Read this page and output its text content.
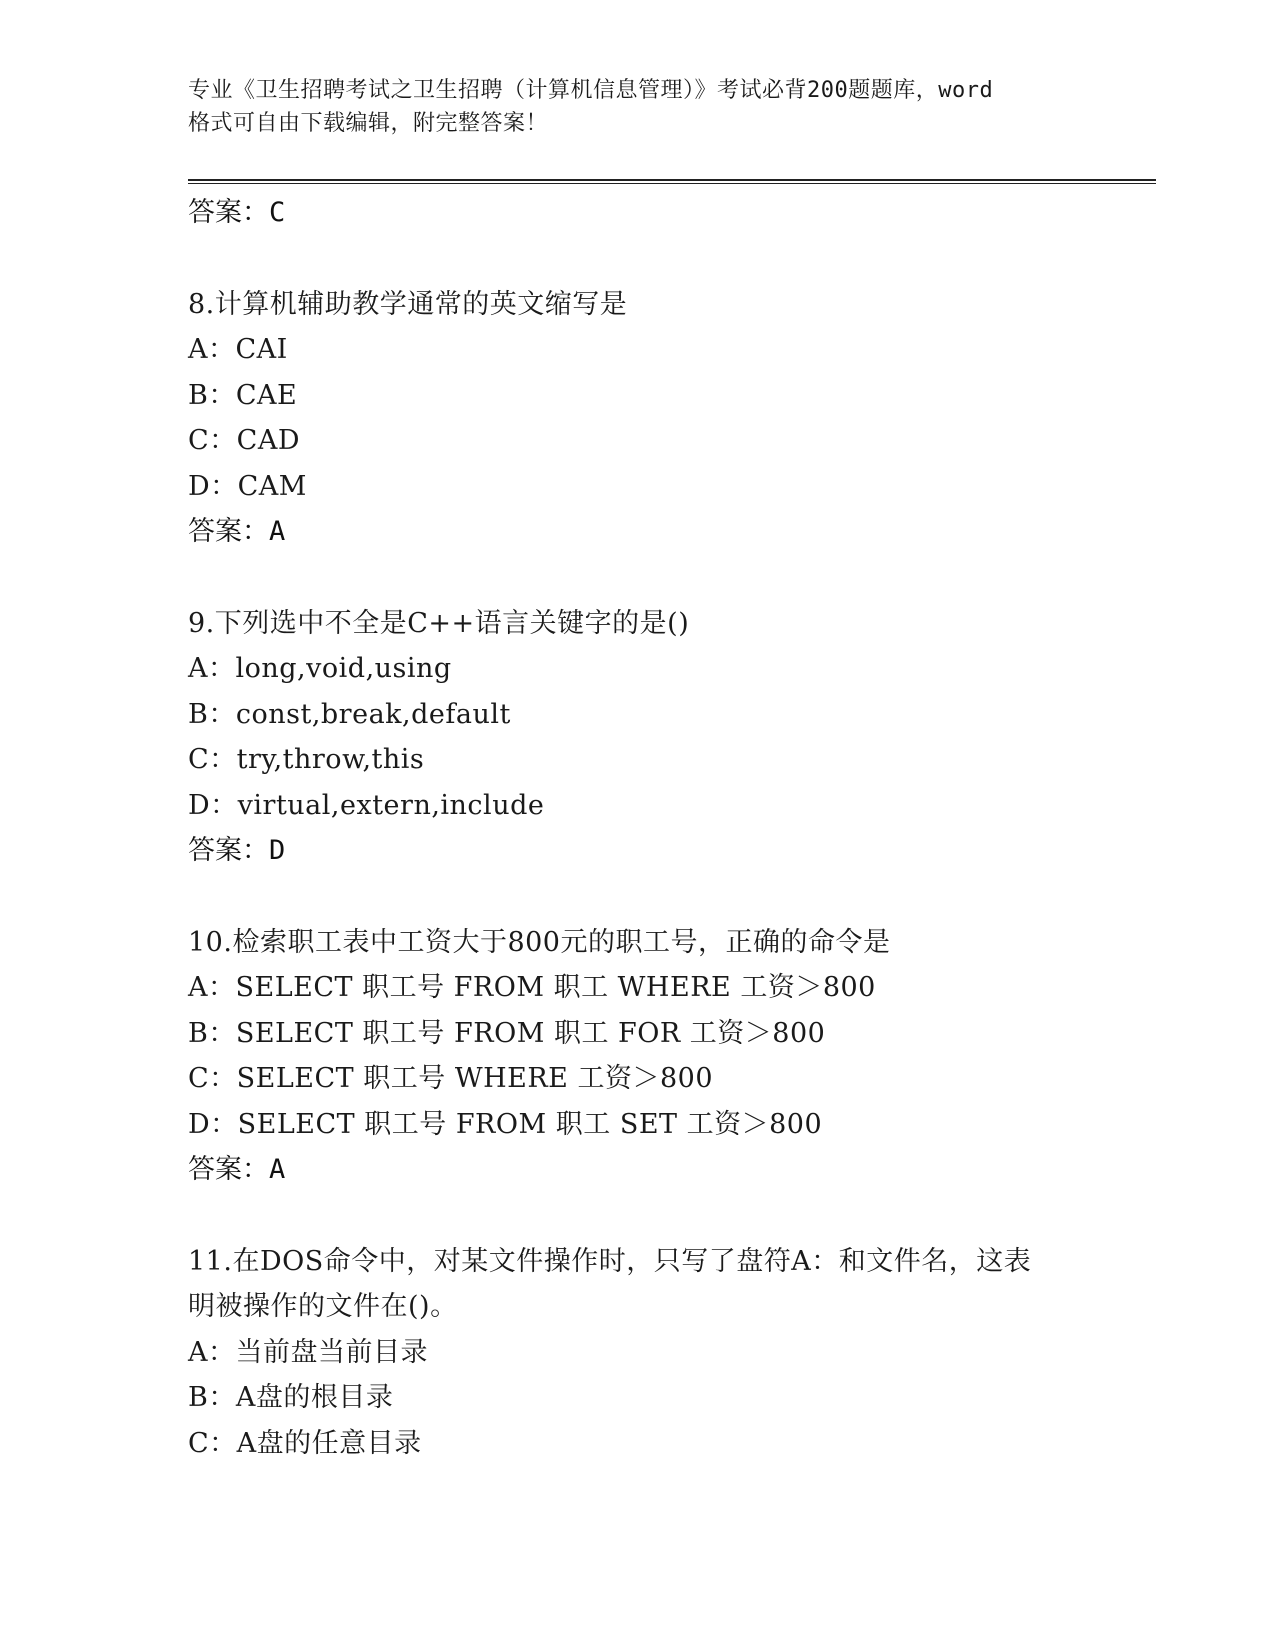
专业《卫生招聘考试之卫生招聘（计算机信息管理）》考试必背200题题库，word
格式可自由下载编辑，附完整答案！
答案：C
8.计算机辅助教学通常的英文缩写是
A：CAI
B：CAE
C：CAD
D：CAM
答案：A
9.下列选中不全是C++语言关键字的是()
A：long,void,using
B：const,break,default
C：try,throw,this
D：virtual,extern,include
答案：D
10.检索职工表中工资大于800元的职工号，正确的命令是
A：SELECT 职工号 FROM 职工 WHERE 工资＞800
B：SELECT 职工号 FROM 职工 FOR 工资＞800
C：SELECT 职工号 WHERE 工资＞800
D：SELECT 职工号 FROM 职工 SET 工资＞800
答案：A
11.在DOS命令中，对某文件操作时，只写了盘符A：和文件名，这表
明被操作的文件在()。
A：当前盘当前目录
B：A盘的根目录
C：A盘的任意目录
